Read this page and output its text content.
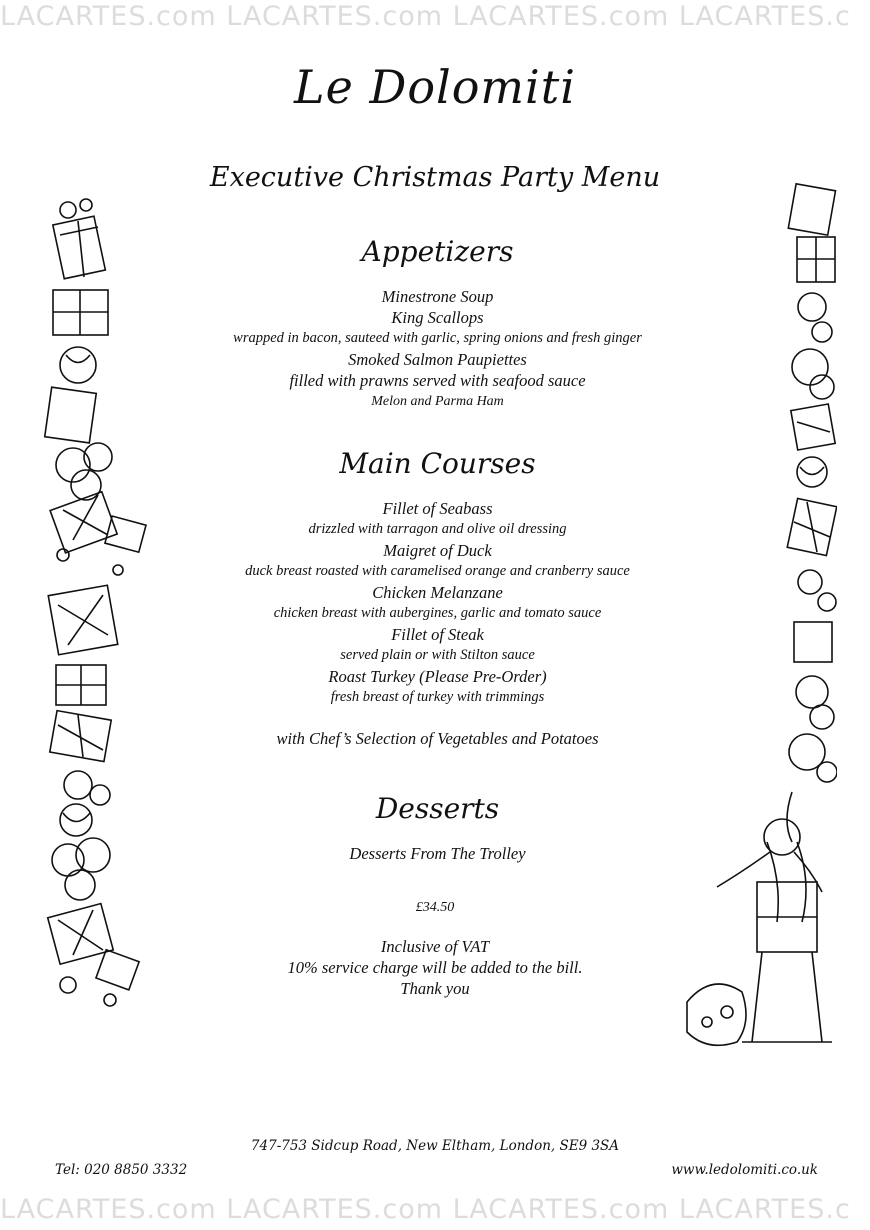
LACARTES.com LACARTES.com LACARTES.com LACARTES.c
Le Dolomiti
Executive Christmas Party Menu
Appetizers
Minestrone Soup
King Scallops
wrapped in bacon, sauteed with garlic, spring onions and fresh ginger
Smoked Salmon Paupiettes
filled with prawns served with seafood sauce
Melon and Parma Ham
Main Courses
Fillet of Seabass
drizzled with tarragon and olive oil dressing
Maigret of Duck
duck breast roasted with caramelised orange and cranberry sauce
Chicken Melanzane
chicken breast with aubergines, garlic and tomato sauce
Fillet of Steak
served plain or with Stilton sauce
Roast Turkey (Please Pre-Order)
fresh breast of turkey with trimmings
with Chef’s Selection of Vegetables and Potatoes
Desserts
Desserts From The Trolley
£34.50
Inclusive of VAT
10% service charge will be added to the bill.
Thank you
747-753 Sidcup Road, New Eltham, London, SE9 3SA
Tel: 020 8850 3332	www.ledolomiti.co.uk
LACARTES.com LACARTES.com LACARTES.com LACARTES.c
